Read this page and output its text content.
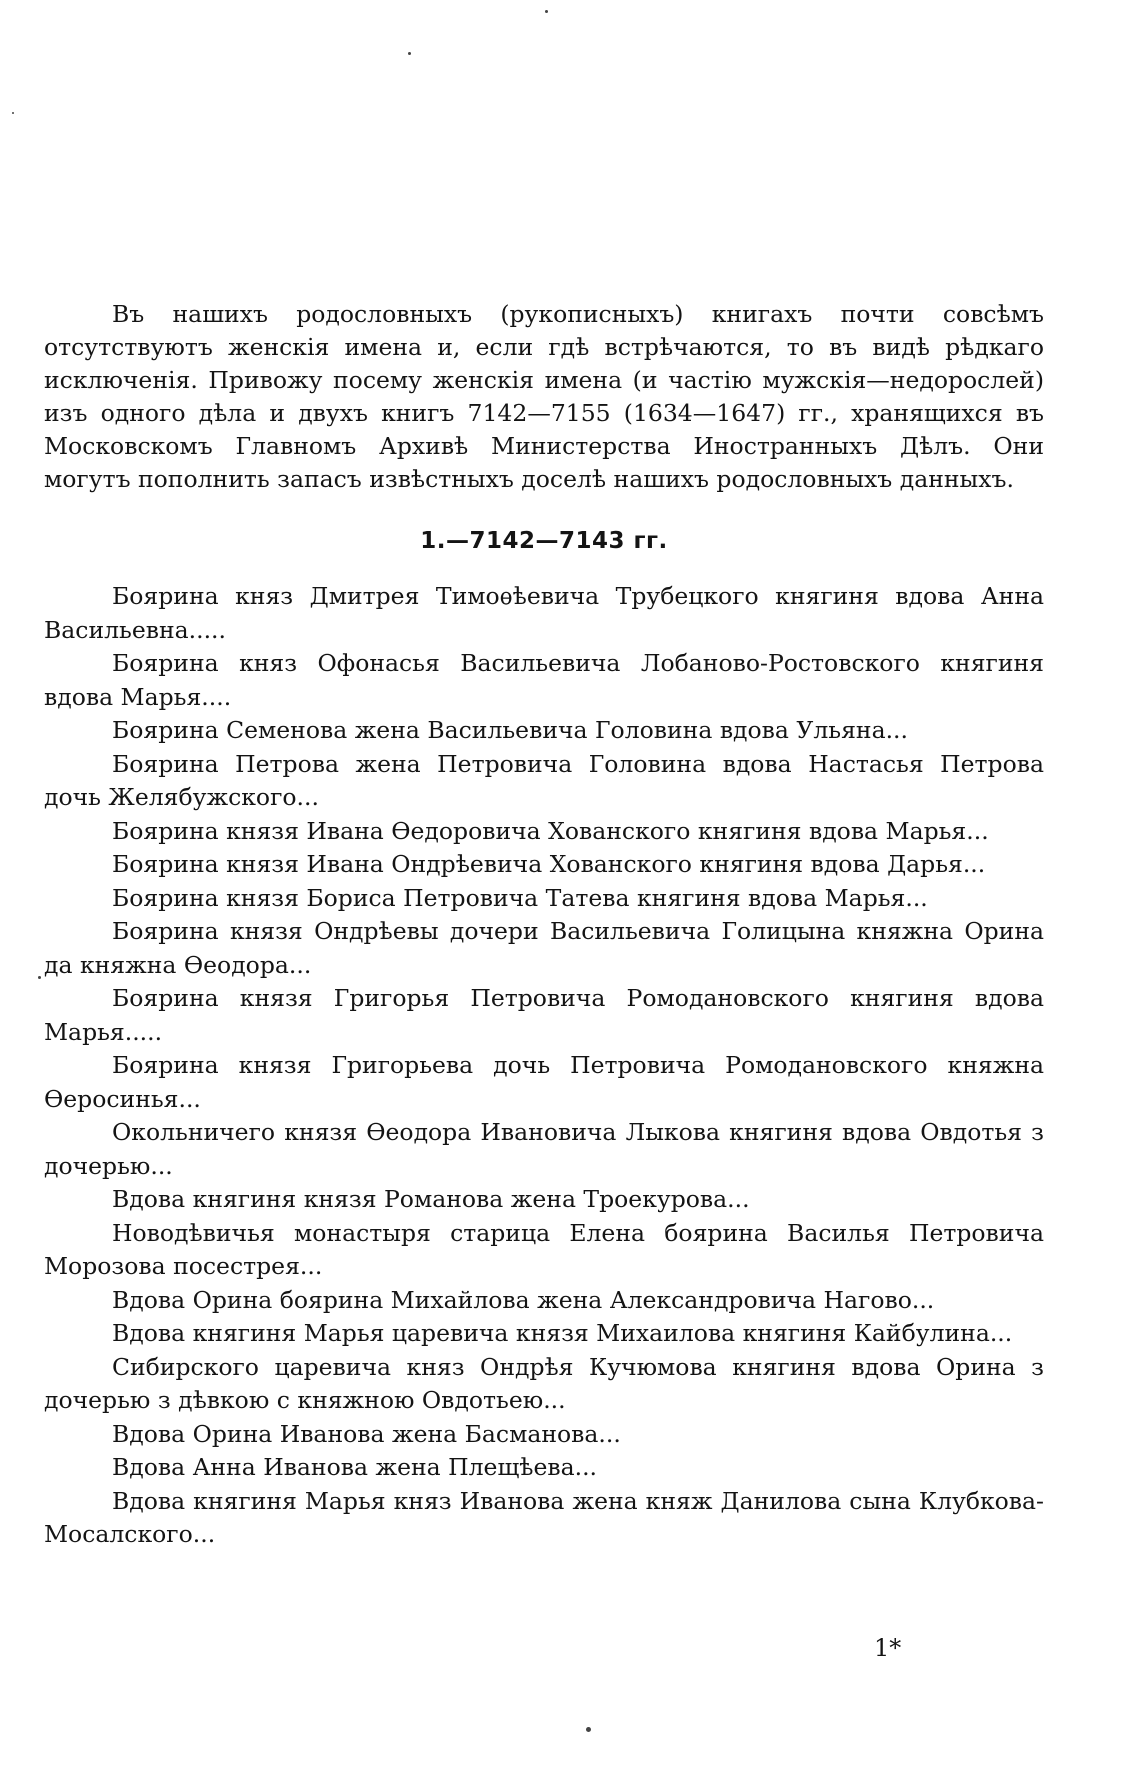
Въ нашихъ родословныхъ (рукописныхъ) книгахъ почти совсѣмъ отсутствуютъ женскія имена и, если гдѣ встрѣчаются, то въ видѣ рѣдкаго исключенія. Привожу посему женскія имена (и частію мужскія—недорослей) изъ одного дѣла и двухъ книгъ 7142—7155 (1634—1647) гг., хранящихся въ Московскомъ Главномъ Архивѣ Министерства Иностранныхъ Дѣлъ. Они могутъ пополнить запасъ извѣстныхъ доселѣ нашихъ родословныхъ данныхъ.

1.—7142—7143 гг.
Боярина княз Дмитрея Тимоѳѣевича Трубецкого княгиня вдова Анна Васильевна.....
Боярина княз Офонасья Васильевича Лобаново-Ростовского княгиня вдова Марья....
Боярина Семенова жена Васильевича Головина вдова Ульяна...
Боярина Петрова жена Петровича Головина вдова Настасья Петрова дочь Желябужского...
Боярина князя Ивана Ѳедоровича Хованского княгиня вдова Марья...
Боярина князя Ивана Ондрѣевича Хованского княгиня вдова Дарья...
Боярина князя Бориса Петровича Татева княгиня вдова Марья...
Боярина князя Ондрѣевы дочери Васильевича Голицына княжна Орина да княжна Ѳеодора...
Боярина князя Григорья Петровича Ромодановского княгиня вдова Марья.....
Боярина князя Григорьева дочь Петровича Ромодановского княжна Ѳеросинья...
Окольничего князя Ѳеодора Ивановича Лыкова княгиня вдова Овдотья з дочерью...
Вдова княгиня князя Романова жена Троекурова...
Новодѣвичья монастыря старица Елена боярина Василья Петровича Морозова посестрея...
Вдова Орина боярина Михайлова жена Александровича Нагово...
Вдова княгиня Марья царевича князя Михаилова княгиня Кайбулина...
Сибирского царевича княз Ондрѣя Кучюмова княгиня вдова Орина з дочерью з дѣвкою с княжною Овдотьею...
Вдова Орина Иванова жена Басманова...
Вдова Анна Иванова жена Плещѣева...
Вдова княгиня Марья княз Иванова жена княж Данилова сына Клубкова-Мосалского...
1*
